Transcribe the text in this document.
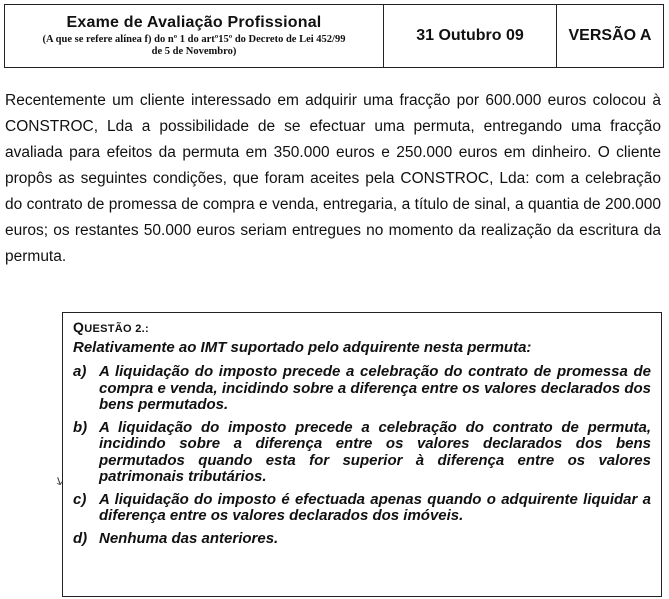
Exame de Avaliação Profissional
(A que se refere alínea f) do nº 1 do artº15º do Decreto de Lei 452/99
de 5 de Novembro)
31 Outubro 09	VERSÃO A
Recentemente um cliente interessado em adquirir uma fracção por 600.000 euros colocou à CONSTROC, Lda a possibilidade de se efectuar uma permuta, entregando uma fracção avaliada para efeitos da permuta em 350.000 euros e 250.000 euros em dinheiro. O cliente propôs as seguintes condições, que foram aceites pela CONSTROC, Lda: com a celebração do contrato de promessa de compra e venda, entregaria, a título de sinal, a quantia de 200.000 euros; os restantes 50.000 euros seriam entregues no momento da realização da escritura da permuta.
ↆ
QUESTÃO 2.:
Relativamente ao IMT suportado pelo adquirente nesta permuta:
a) A liquidação do imposto precede a celebração do contrato de promessa de compra e venda, incidindo sobre a diferença entre os valores declarados dos bens permutados.
b) A liquidação do imposto precede a celebração do contrato de permuta, incidindo sobre a diferença entre os valores declarados dos bens permutados quando esta for superior à diferença entre os valores patrimonais tributários.
c) A liquidação do imposto é efectuada apenas quando o adquirente liquidar a diferença entre os valores declarados dos imóveis.
d) Nenhuma das anteriores.
